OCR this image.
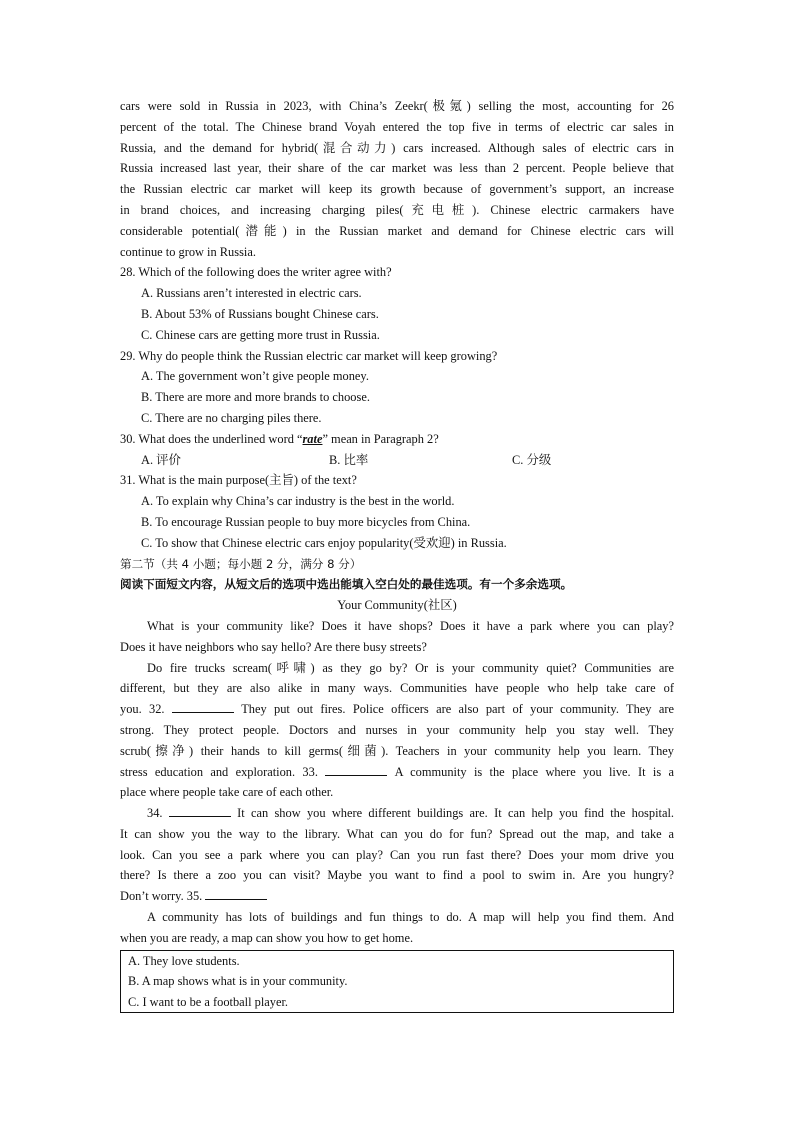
cars were sold in Russia in 2023, with China’s Zeekr(极氪) selling the most, accounting for 26
percent of the total. The Chinese brand Voyah entered the top five in terms of electric car sales in
Russia, and the demand for hybrid(混合动力) cars increased. Although sales of electric cars in
Russia increased last year, their share of the car market was less than 2 percent. People believe that
the Russian electric car market will keep its growth because of government’s support, an increase
in brand choices, and increasing charging piles(充电桩). Chinese electric carmakers have
considerable potential(潜能) in the Russian market and demand for Chinese electric cars will
continue to grow in Russia.
28. Which of the following does the writer agree with?
A. Russians aren’t interested in electric cars.
B. About 53% of Russians bought Chinese cars.
C. Chinese cars are getting more trust in Russia.
29. Why do people think the Russian electric car market will keep growing?
A. The government won’t give people money.
B. There are more and more brands to choose.
C. There are no charging piles there.
30. What does the underlined word “rate” mean in Paragraph 2?
A. 评价	B. 比率	C. 分级
31. What is the main purpose(主旨) of the text?
A. To explain why China’s car industry is the best in the world.
B. To encourage Russian people to buy more bicycles from China.
C. To show that Chinese electric cars enjoy popularity(受欢迎) in Russia.
第二节（共 4 小题；每小题 2 分，满分 8 分）
阅读下面短文内容，从短文后的选项中选出能填入空白处的最佳选项。有一个多余选项。
Your Community(社区)
What is your community like? Does it have shops? Does it have a park where you can play?
Does it have neighbors who say hello? Are there busy streets?
Do fire trucks scream(呼啸) as they go by? Or is your community quiet? Communities are
different, but they are also alike in many ways. Communities have people who help take care of
you. 32.	They put out fires. Police officers are also part of your community. They are
strong. They protect people. Doctors and nurses in your community help you stay well. They
scrub(擦净) their hands to kill germs(细菌). Teachers in your community help you learn. They
stress education and exploration. 33.	A community is the place where you live. It is a
place where people take care of each other.
34.	It can show you where different buildings are. It can help you find the hospital.
It can show you the way to the library. What can you do for fun? Spread out the map, and take a
look. Can you see a park where you can play? Can you run fast there? Does your mom drive you
there? Is there a zoo you can visit? Maybe you want to find a pool to swim in. Are you hungry?
Don’t worry. 35.
A community has lots of buildings and fun things to do. A map will help you find them. And
when you are ready, a map can show you how to get home.
A. They love students.
B. A map shows what is in your community.
C. I want to be a football player.
